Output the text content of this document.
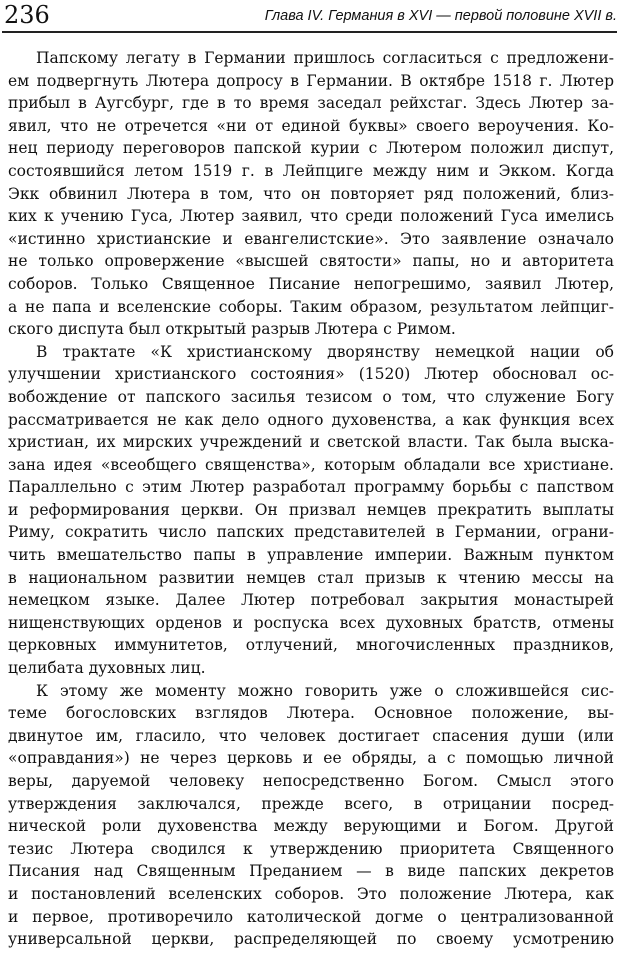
236	Глава IV. Германия в XVI — первой половине XVII в.
Папскому легату в Германии пришлось согласиться с предложени-
ем подвергнуть Лютера допросу в Германии. В октябре 1518 г. Лютер
прибыл в Аугсбург, где в то время заседал рейхстаг. Здесь Лютер за-
явил, что не отречется «ни от единой буквы» своего вероучения. Ко-
нец периоду переговоров папской курии с Лютером положил диспут,
состоявшийся летом 1519 г. в Лейпциге между ним и Экком. Когда
Экк обвинил Лютера в том, что он повторяет ряд положений, близ-
ких к учению Гуса, Лютер заявил, что среди положений Гуса имелись
«истинно христианские и евангелистские». Это заявление означало
не только опровержение «высшей святости» папы, но и авторитета
соборов. Только Священное Писание непогрешимо, заявил Лютер,
а не папа и вселенские соборы. Таким образом, результатом лейпциг-
ского диспута был открытый разрыв Лютера с Римом.
В трактате «К христианскому дворянству немецкой нации об
улучшении христианского состояния» (1520) Лютер обосновал ос-
вобождение от папского засилья тезисом о том, что служение Богу
рассматривается не как дело одного духовенства, а как функция всех
христиан, их мирских учреждений и светской власти. Так была выска-
зана идея «всеобщего священства», которым обладали все христиане.
Параллельно с этим Лютер разработал программу борьбы с папством
и реформирования церкви. Он призвал немцев прекратить выплаты
Риму, сократить число папских представителей в Германии, ограни-
чить вмешательство папы в управление империи. Важным пунктом
в национальном развитии немцев стал призыв к чтению мессы на
немецком языке. Далее Лютер потребовал закрытия монастырей
нищенствующих орденов и роспуска всех духовных братств, отмены
церковных иммунитетов, отлучений, многочисленных праздников,
целибата духовных лиц.
К этому же моменту можно говорить уже о сложившейся сис-
теме богословских взглядов Лютера. Основное положение, вы-
двинутое им, гласило, что человек достигает спасения души (или
«оправдания») не через церковь и ее обряды, а с помощью личной
веры, даруемой человеку непосредственно Богом. Смысл этого
утверждения заключался, прежде всего, в отрицании посред-
нической роли духовенства между верующими и Богом. Другой
тезис Лютера сводился к утверждению приоритета Священного
Писания над Священным Преданием — в виде папских декретов
и постановлений вселенских соборов. Это положение Лютера, как
и первое, противоречило католической догме о централизованной
универсальной церкви, распределяющей по своему усмотрению
